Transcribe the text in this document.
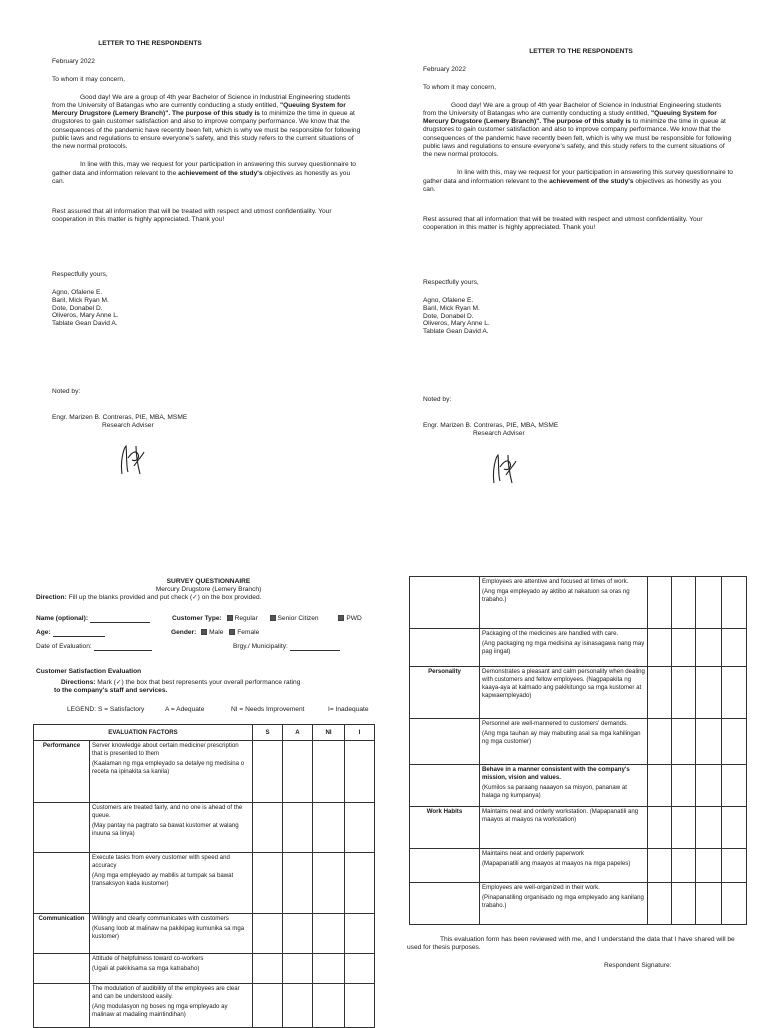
LETTER TO THE RESPONDENTS

February 2022

To whom it may concern,

Good day! We are a group of 4th year Bachelor of Science in Industrial Engineering students from the University of Batangas who are currently conducting a study entitled, "Queuing System for Mercury Drugstore (Lemery Branch)". The purpose of this study is to minimize the time in queue at drugstores to gain customer satisfaction and also to improve company performance. We know that the consequences of the pandemic have recently been felt, which is why we must be responsible for following public laws and regulations to ensure everyone's safety, and this study refers to the current situations of the new normal protocols.

In line with this, may we request for your participation in answering this survey questionnaire to gather data and information relevant to the achievement of the study's objectives as honestly as you can.

Rest assured that all information that will be treated with respect and utmost confidentiality. Your cooperation in this matter is highly appreciated. Thank you!

Respectfully yours,

Agno, Ofalene E.
Baril, Mick Ryan M.
Dote, Donabel D.
Oliveros, Mary Anne L.
Tablate Gean David A.

Noted by:

Engr. Marizen B. Contreras, PIE, MBA, MSME

Research Adviser

LETTER TO THE RESPONDENTS

February 2022

To whom it may concern,

Good day! We are a group of 4th year Bachelor of Science in Industrial Engineering students from the University of Batangas who are currently conducting a study entitled, "Queuing System for Mercury Drugstore (Lemery Branch)". The purpose of this study is to minimize the time in queue at drugstores to gain customer satisfaction and also to improve company performance. We know that the consequences of the pandemic have recently been felt, which is why we must be responsible for following public laws and regulations to ensure everyone's safety, and this study refers to the current situations of the new normal protocols.

In line with this, may we request for your participation in answering this survey questionnaire to gather data and information relevant to the achievement of the study's objectives as honestly as you can.

Rest assured that all information that will be treated with respect and utmost confidentiality. Your cooperation in this matter is highly appreciated. Thank you!

Respectfully yours,

Agno, Ofalene E.
Baril, Mick Ryan M.
Dote, Donabel D.
Oliveros, Mary Anne L.
Tablate Gean David A.

Noted by:

Engr. Marizen B. Contreras, PIE, MBA, MSME

Research Adviser

SURVEY QUESTIONNAIRE
Mercury Drugstore (Lemery Branch)
Direction: Fill up the blanks provided and put check (✓) on the box provided.
Name (optional):	Customer Type: Regular	Senior Citizen	PWD
Age:	Gender: Male Female
Date of Evaluation:	Brgy./ Municipality:
Customer Satisfaction Evaluation
Directions: Mark (✓) the box that best represents your overall performance rating
to the company's staff and services.
LEGEND: S = Satisfactory	A = Adequate	NI = Needs Improvement	I= Inadequate
EVALUATION FACTORS		S	A	NI	I
Performance	Server knowledge about certain medicine/ prescription that is presented to them
(Kaalaman ng mga empleyado sa detalye ng medisina o receta na ipinakita sa kanila)				

	Customers are treated fairly, and no one is ahead of the queue.
(May pantay na pagtrato sa bawat kustomer at walang inuuna sa linya)				

	Execute tasks from every customer with speed and accuracy
(Ang mga empleyado ay mabilis at tumpak sa bawat transaksyon kada kustomer)				

Communication	Willingly and clearly communicates with customers
(Kusang loob at malinaw na pakikipag kumunika sa mga kustomer)				

	Attitude of helpfulness toward co-workers
(Ugali at pakikisama sa mga katrabaho)				

	The modulation of audibility of the employees are clear and can be understood easily.
(Ang modulasyon ng boses ng mga empleyado ay malinaw at madaling maintindihan)				

	Employees are attentive and focused at times of work.
(Ang mga empleyado ay aktibo at nakatuon sa oras ng trabaho.)				

	Packaging of the medicines are handled with care.
(Ang packaging ng mga medisina ay isinasagawa nang may pag iingat)				

Personality	Demonstrates a pleasant and calm personality when dealing with customers and fellow employees. (Nagpapakita ng kaaya-aya at kalmado ang pakikitungo sa mga kustomer at kapwaempleyado)				

	Personnel are well-mannered to customers' demands.
(Ang mga tauhan ay may mabuting asal sa mga kahilingan ng mga customer)				

	Behave in a manner consistent with the company's mission, vision and values.
(Kumilos sa paraang naaayon sa misyon, pananaw at halaga ng kumpanya)				

Work Habits	Maintains neat and orderly workstation. (Mapapanatili ang maayos at maayos na workstation)				

	Maintains neat and orderly paperwork
(Mapapanatili ang maayos at maayos na mga papeles)				

	Employees are well-organized in their work.
(Pinapanatiling organisado ng mga empleyado ang kanilang trabaho.)				

This evaluation form has been reviewed with me, and I understand the data that I have shared will be used for thesis purposes.
Respondent Signature:
